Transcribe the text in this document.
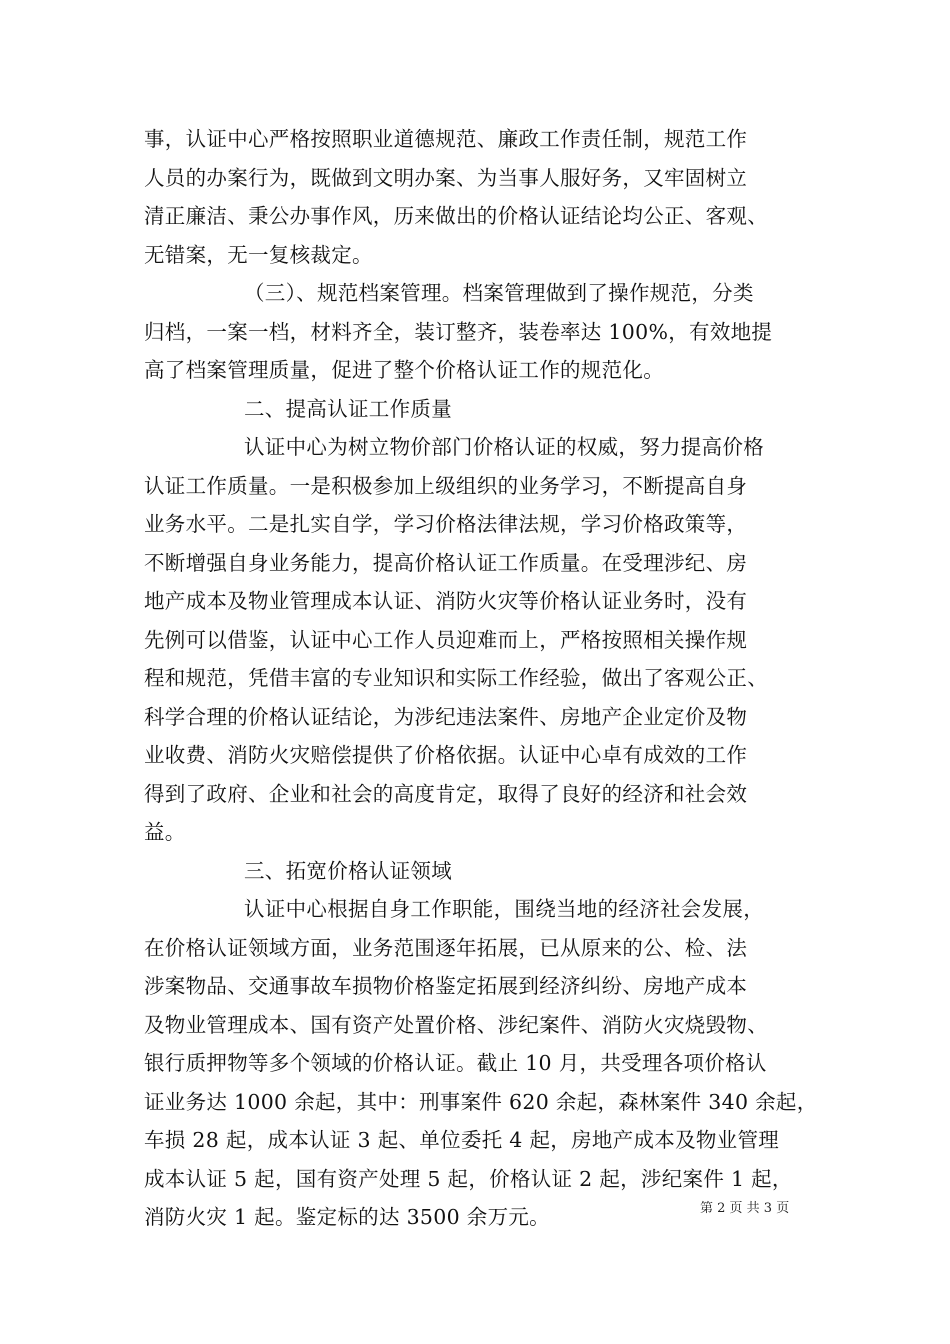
事，认证中心严格按照职业道德规范、廉政工作责任制，规范工作
人员的办案行为，既做到文明办案、为当事人服好务，又牢固树立
清正廉洁、秉公办事作风，历来做出的价格认证结论均公正、客观、
无错案，无一复核裁定。
（三）、规范档案管理。档案管理做到了操作规范，分类
归档，一案一档，材料齐全，装订整齐，装卷率达 100%，有效地提
高了档案管理质量，促进了整个价格认证工作的规范化。
二、提高认证工作质量
认证中心为树立物价部门价格认证的权威，努力提高价格
认证工作质量。一是积极参加上级组织的业务学习，不断提高自身
业务水平。二是扎实自学，学习价格法律法规，学习价格政策等，
不断增强自身业务能力，提高价格认证工作质量。在受理涉纪、房
地产成本及物业管理成本认证、消防火灾等价格认证业务时，没有
先例可以借鉴，认证中心工作人员迎难而上，严格按照相关操作规
程和规范，凭借丰富的专业知识和实际工作经验，做出了客观公正、
科学合理的价格认证结论，为涉纪违法案件、房地产企业定价及物
业收费、消防火灾赔偿提供了价格依据。认证中心卓有成效的工作
得到了政府、企业和社会的高度肯定，取得了良好的经济和社会效
益。
三、拓宽价格认证领域
认证中心根据自身工作职能，围绕当地的经济社会发展，
在价格认证领域方面，业务范围逐年拓展，已从原来的公、检、法
涉案物品、交通事故车损物价格鉴定拓展到经济纠纷、房地产成本
及物业管理成本、国有资产处置价格、涉纪案件、消防火灾烧毁物、
银行质押物等多个领域的价格认证。截止 10 月，共受理各项价格认
证业务达 1000 余起，其中：刑事案件 620 余起，森林案件 340 余起，
车损 28 起，成本认证 3 起、单位委托 4 起，房地产成本及物业管理
成本认证 5 起，国有资产处理 5 起，价格认证 2 起，涉纪案件 1 起，
消防火灾 1 起。鉴定标的达 3500 余万元。	第 2 页 共 3 页
